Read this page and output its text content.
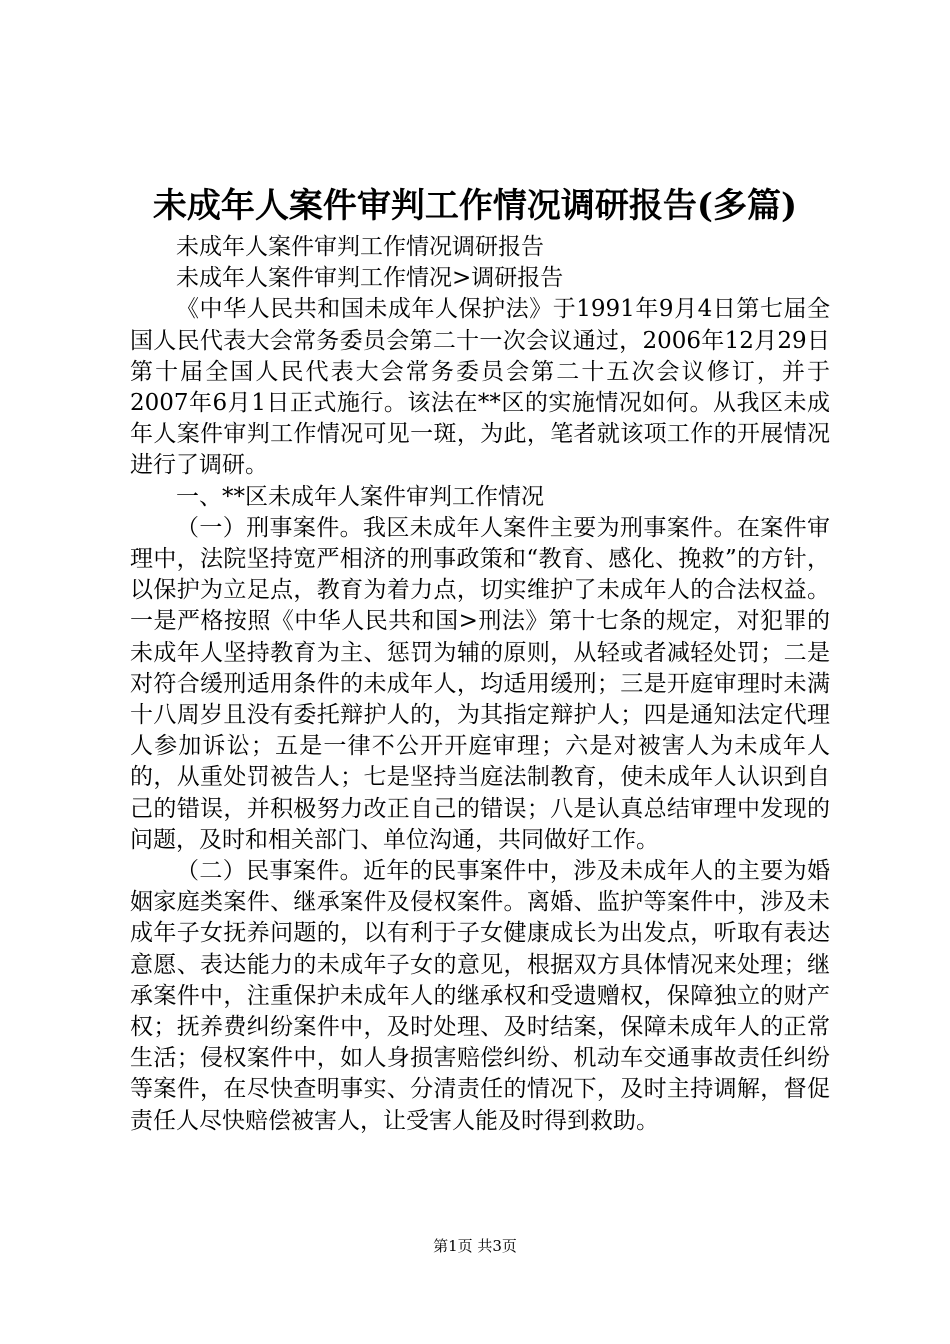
未成年人案件审判工作情况调研报告(多篇)

未成年人案件审判工作情况调研报告

未成年人案件审判工作情况>调研报告

《中华人民共和国未成年人保护法》于1991年9月4日第七届全国人民代表大会常务委员会第二十一次会议通过，2006年12月29日第十届全国人民代表大会常务委员会第二十五次会议修订，并于2007年6月1日正式施行。该法在**区的实施情况如何。从我区未成年人案件审判工作情况可见一斑，为此，笔者就该项工作的开展情况进行了调研。

一、**区未成年人案件审判工作情况

（一）刑事案件。我区未成年人案件主要为刑事案件。在案件审理中，法院坚持宽严相济的刑事政策和“教育、感化、挽救”的方针，以保护为立足点，教育为着力点，切实维护了未成年人的合法权益。一是严格按照《中华人民共和国>刑法》第十七条的规定，对犯罪的未成年人坚持教育为主、惩罚为辅的原则，从轻或者减轻处罚；二是对符合缓刑适用条件的未成年人，均适用缓刑；三是开庭审理时未满十八周岁且没有委托辩护人的，为其指定辩护人；四是通知法定代理人参加诉讼；五是一律不公开开庭审理；六是对被害人为未成年人的，从重处罚被告人；七是坚持当庭法制教育，使未成年人认识到自己的错误，并积极努力改正自己的错误；八是认真总结审理中发现的问题，及时和相关部门、单位沟通，共同做好工作。

（二）民事案件。近年的民事案件中，涉及未成年人的主要为婚姻家庭类案件、继承案件及侵权案件。离婚、监护等案件中，涉及未成年子女抚养问题的，以有利于子女健康成长为出发点，听取有表达意愿、表达能力的未成年子女的意见，根据双方具体情况来处理；继承案件中，注重保护未成年人的继承权和受遗赠权，保障独立的财产权；抚养费纠纷案件中，及时处理、及时结案，保障未成年人的正常生活；侵权案件中，如人身损害赔偿纠纷、机动车交通事故责任纠纷等案件，在尽快查明事实、分清责任的情况下，及时主持调解，督促责任人尽快赔偿被害人，让受害人能及时得到救助。

第1页 共3页
